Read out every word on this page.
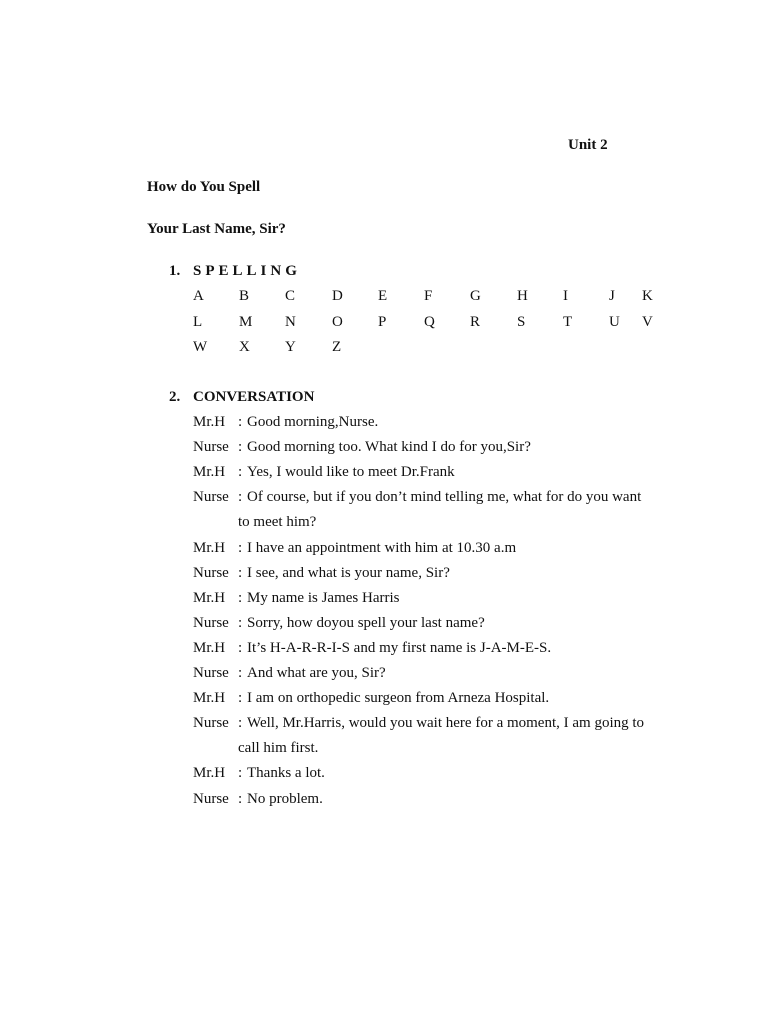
Unit 2
How do You Spell
Your Last Name, Sir?
1. SPELLING
A	B	C	D	E	F	G	H	I	J	K
L	M	N	O	P	Q	R	S	T	U	V
W	X	Y	Z
2. CONVERSATION
Mr.H : Good morning,Nurse.
Nurse : Good morning too. What kind I do for you,Sir?
Mr.H : Yes, I would like to meet Dr.Frank
Nurse : Of course, but if you don’t mind telling me, what for do you want
to meet him?
Mr.H : I have an appointment with him at 10.30 a.m
Nurse : I see, and what is your name, Sir?
Mr.H : My name is James Harris
Nurse : Sorry, how doyou spell your last name?
Mr.H : It’s H-A-R-R-I-S and my first name is J-A-M-E-S.
Nurse : And what are you, Sir?
Mr.H : I am on orthopedic surgeon from Arneza Hospital.
Nurse : Well, Mr.Harris, would you wait here for a moment, I am going to
call him first.
Mr.H : Thanks a lot.
Nurse : No problem.
